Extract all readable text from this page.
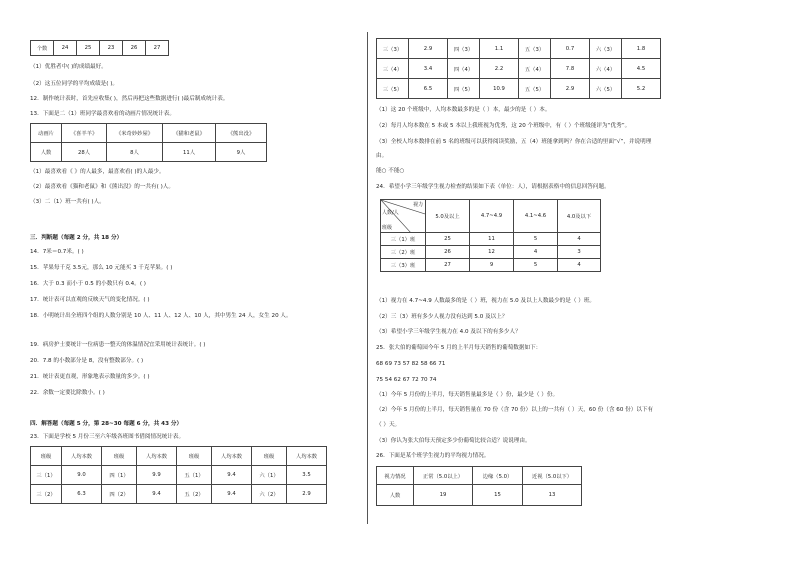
个数	24	25	23	26	27
（1）优胜者中( )的成绩最好。
（2）这五位同学的平均成绩是( )。
12．制作统计表时，首先应收集( )，然后再把这些数据进行( )最后制成统计表。
13．下面是二（1）班同学最喜欢看的动画片情况统计表。
动画片	《喜羊羊》	《米奇妙妙屋》	《猫和老鼠》	《熊出没》
人数	28人	8人	11人	9人
（1）最喜欢看《 》的人最多，最喜欢看( )的人最少。
（2）最喜欢看《猫和老鼠》和《熊出没》的一共有( )人。
（3）二（1）班一共有( )人。
三．判断题（每题 2 分，共 18 分）
14．7米＝0.7米。( )
15．苹果每千克 3.5元，那么 10 元能买 3 千克苹果。( )
16．大于 0.3 而小于 0.5 的小数只有 0.4。( )
17．统计表可以直观的反映天气的变化情况。( )
18．小明统计出全班四个组的人数分别是 10 人、11 人、12 人、10 人，其中男生 24 人，女生 20 人。
19．病房护士要统计一位病患一整天的体温情况宜采用统计表统计。( )
20．7.8 的小数部分是 8，没有整数部分。( )
21．统计表更直观，形象地表示数量的多少。( )
22．余数一定要比除数小。( )
四．解答题（每题 5 分，第 28~30 每题 6 分，共 43 分）
23．下面是学校 5 月份三至六年级各班图书借阅情况统计表。
班级	人均本数	班级	人均本数	班级	人均本数	班级	人均本数
三（1）	9.0	四（1）	9.9	五（1）	9.4	六（1）	3.5
三（2）	6.3	四（2）	9.4	五（2）	9.4	六（2）	2.9
三（3）	2.9	四（3）	1.1	五（3）	0.7	六（3）	1.8
三（4）	3.4	四（4）	2.2	五（4）	7.8	六（4）	4.5
三（5）	6.5	四（5）	10.9	五（5）	2.9	六（5）	5.2
（1）这 20 个班级中，人均本数最多的是（ ）本，最少的是（ ）本。
（2）每月人均本数在 5 本或 5 本以上我班视为优秀，这 20 个班级中，有（ ）个班级能评为“优秀”。
（3）全校人均本数排在前 5 名的班级可以获得阅读奖励，五（4）班能拿到吗？你在合适的里面“√”，并说明理
由。
能○ 不能○
24．希望小学三年级学生视力检查的结果如下表（单位：人），请根据表格中的信息回答问题。
视力
人数/人
班级	5.0及以上	4.7~4.9	4.1~4.6	4.0及以下
三（1）班	25	11	5	4
三（2）班	26	12	4	3
三（3）班	27	9	5	4
（1）视力在 4.7~4.9 人数最多的是（ ）班，视力在 5.0 及以上人数最少的是（ ）班。
（2）三（3）班有多少人视力没有达到 5.0 及以上？
（3）希望小学三年级学生视力在 4.0 及以下的有多少人？
25．张大伯的葡萄园今年 5 月的上半月每天销售的葡萄数据如下：
68 69 73 57 82 58 66 71
75 54 62 67 72 70 74
（1）今年 5 月份的上半月，每天销售量最多是（ ）份，最少是（ ）份。
（2）今年 5 月份的上半月，每天销售量在 70 份（含 70 份）以上的一共有（ ）天，60 份（含 60 份）以下有
（ ）天。
（3）你认为张大伯每天预定多少份葡萄比较合适？说说理由。
26．下面是某个班学生视力的平均视力情况。
视力情况	正常（5.0以上）	边缘（5.0）	近视（5.0以下）
人数	19	15	13
